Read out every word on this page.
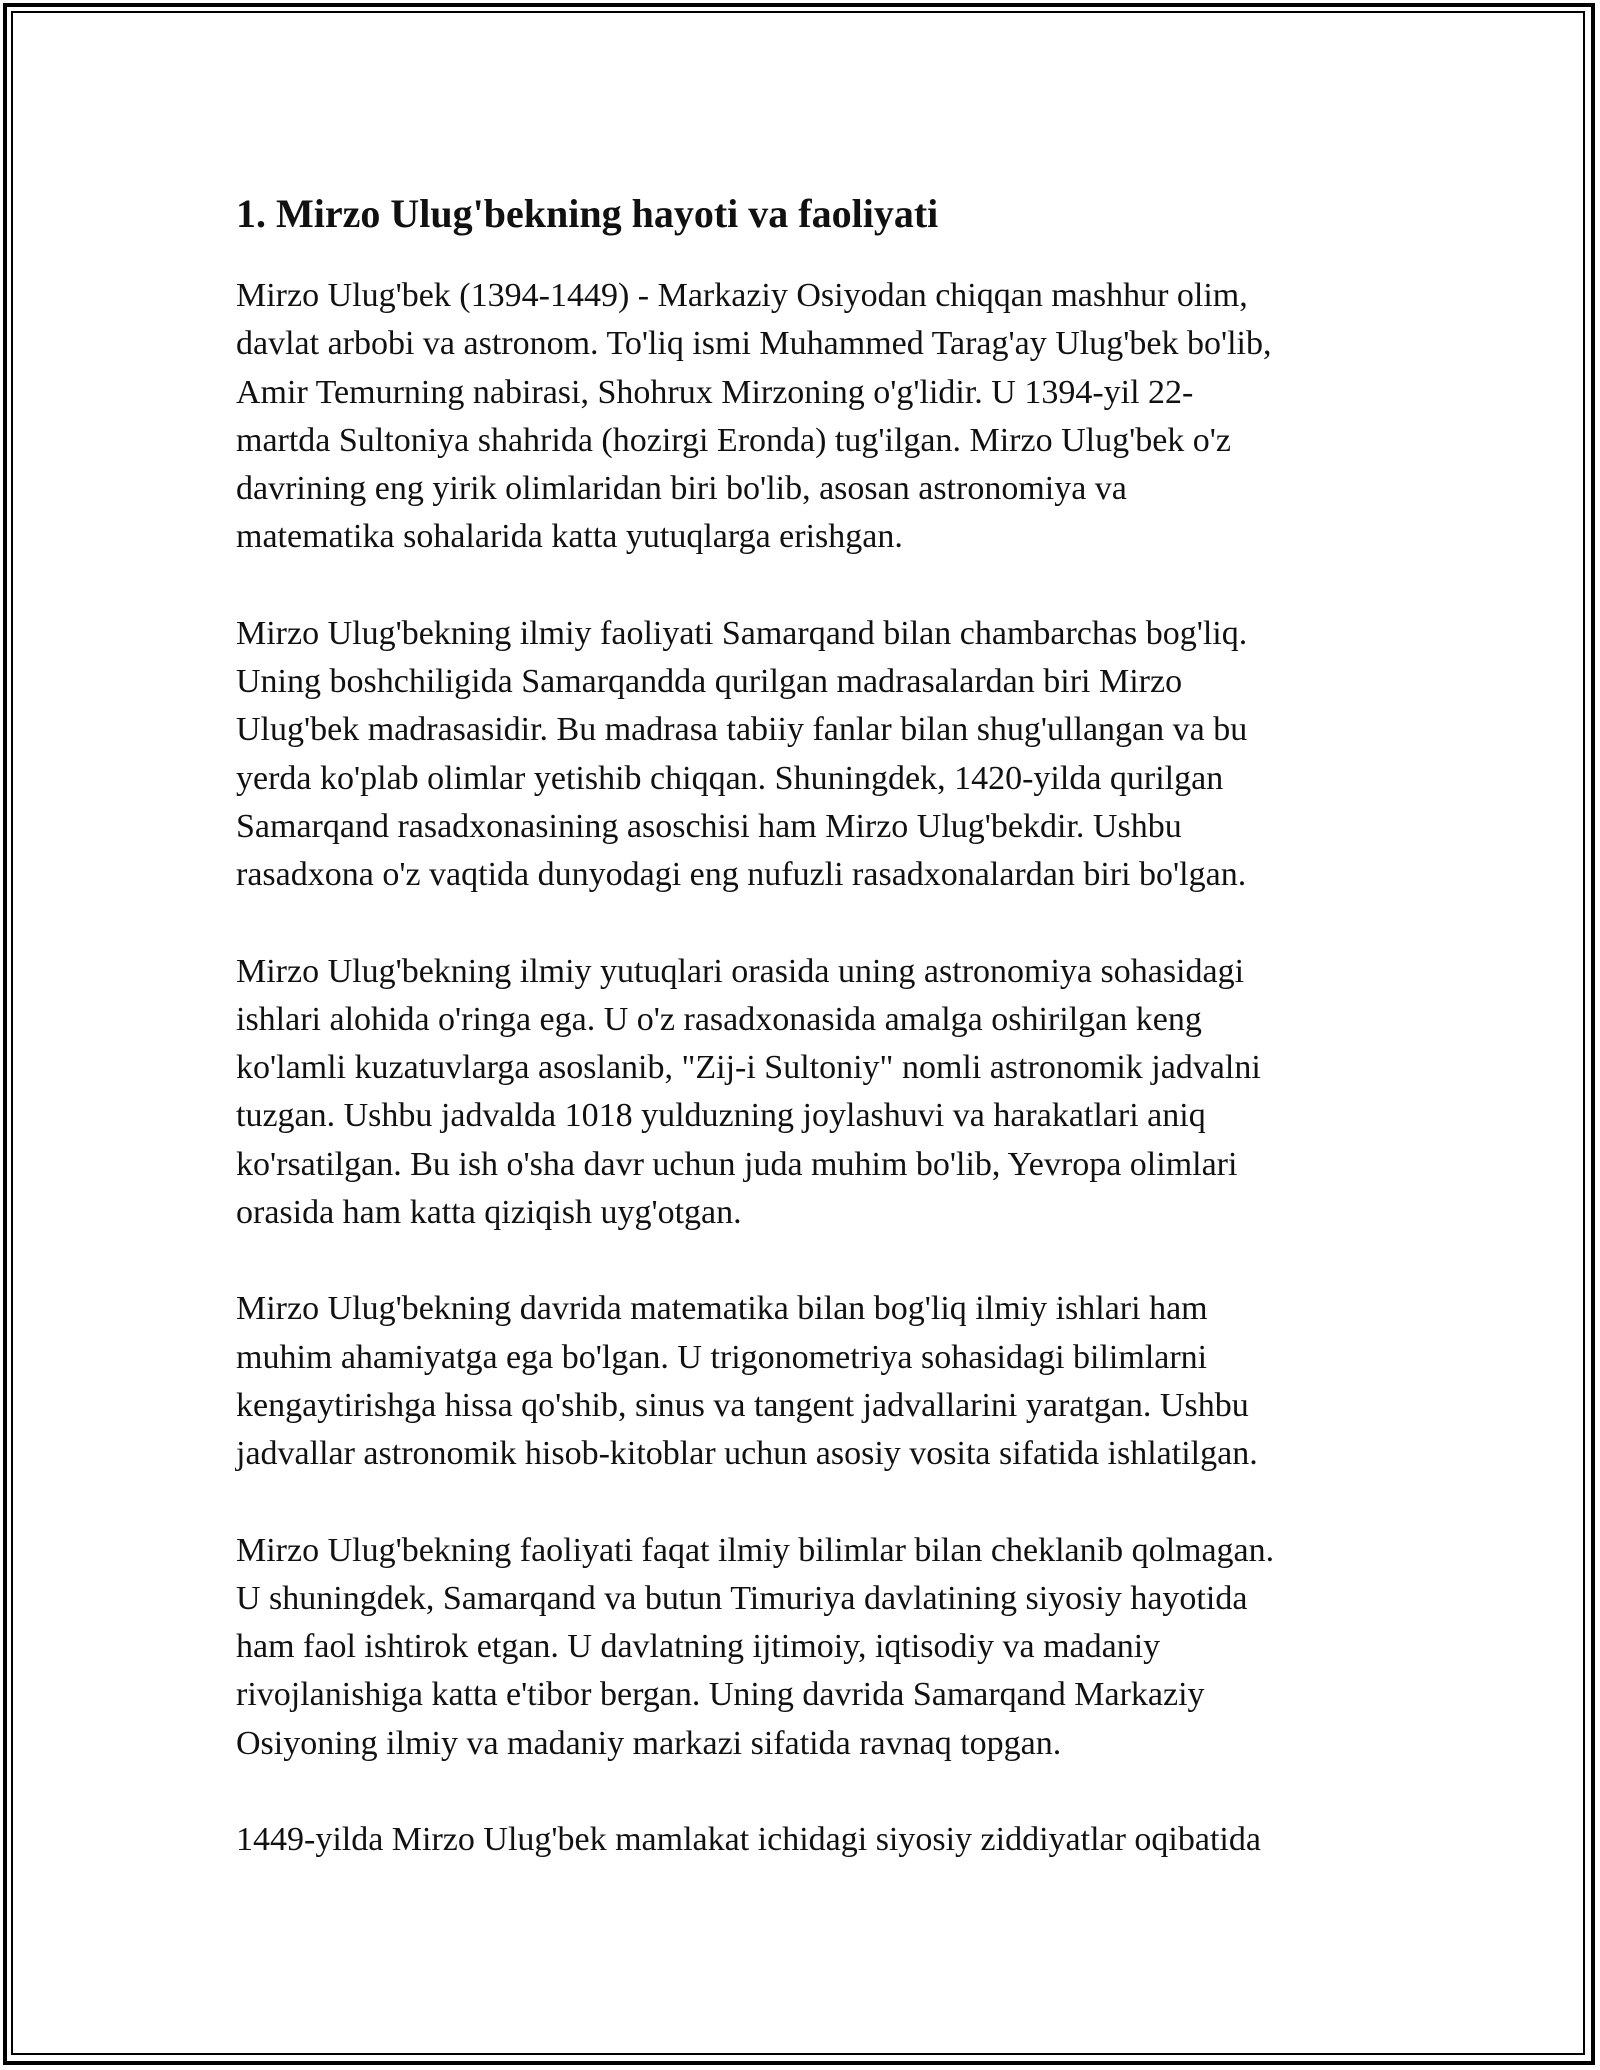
1. Mirzo Ulug'bekning hayoti va faoliyati

Mirzo Ulug'bek (1394-1449) - Markaziy Osiyodan chiqqan mashhur olim,
davlat arbobi va astronom. To'liq ismi Muhammed Tarag'ay Ulug'bek bo'lib,
Amir Temurning nabirasi, Shohrux Mirzoning o'g'lidir. U 1394-yil 22-
martda Sultoniya shahrida (hozirgi Eronda) tug'ilgan. Mirzo Ulug'bek o'z
davrining eng yirik olimlaridan biri bo'lib, asosan astronomiya va
matematika sohalarida katta yutuqlarga erishgan.

Mirzo Ulug'bekning ilmiy faoliyati Samarqand bilan chambarchas bog'liq.
Uning boshchiligida Samarqandda qurilgan madrasalardan biri Mirzo
Ulug'bek madrasasidir. Bu madrasa tabiiy fanlar bilan shug'ullangan va bu
yerda ko'plab olimlar yetishib chiqqan. Shuningdek, 1420-yilda qurilgan
Samarqand rasadxonasining asoschisi ham Mirzo Ulug'bekdir. Ushbu
rasadxona o'z vaqtida dunyodagi eng nufuzli rasadxonalardan biri bo'lgan.

Mirzo Ulug'bekning ilmiy yutuqlari orasida uning astronomiya sohasidagi
ishlari alohida o'ringa ega. U o'z rasadxonasida amalga oshirilgan keng
ko'lamli kuzatuvlarga asoslanib, "Zij-i Sultoniy" nomli astronomik jadvalni
tuzgan. Ushbu jadvalda 1018 yulduzning joylashuvi va harakatlari aniq
ko'rsatilgan. Bu ish o'sha davr uchun juda muhim bo'lib, Yevropa olimlari
orasida ham katta qiziqish uyg'otgan.

Mirzo Ulug'bekning davrida matematika bilan bog'liq ilmiy ishlari ham
muhim ahamiyatga ega bo'lgan. U trigonometriya sohasidagi bilimlarni
kengaytirishga hissa qo'shib, sinus va tangent jadvallarini yaratgan. Ushbu
jadvallar astronomik hisob-kitoblar uchun asosiy vosita sifatida ishlatilgan.

Mirzo Ulug'bekning faoliyati faqat ilmiy bilimlar bilan cheklanib qolmagan.
U shuningdek, Samarqand va butun Timuriya davlatining siyosiy hayotida
ham faol ishtirok etgan. U davlatning ijtimoiy, iqtisodiy va madaniy
rivojlanishiga katta e'tibor bergan. Uning davrida Samarqand Markaziy
Osiyoning ilmiy va madaniy markazi sifatida ravnaq topgan.

1449-yilda Mirzo Ulug'bek mamlakat ichidagi siyosiy ziddiyatlar oqibatida
